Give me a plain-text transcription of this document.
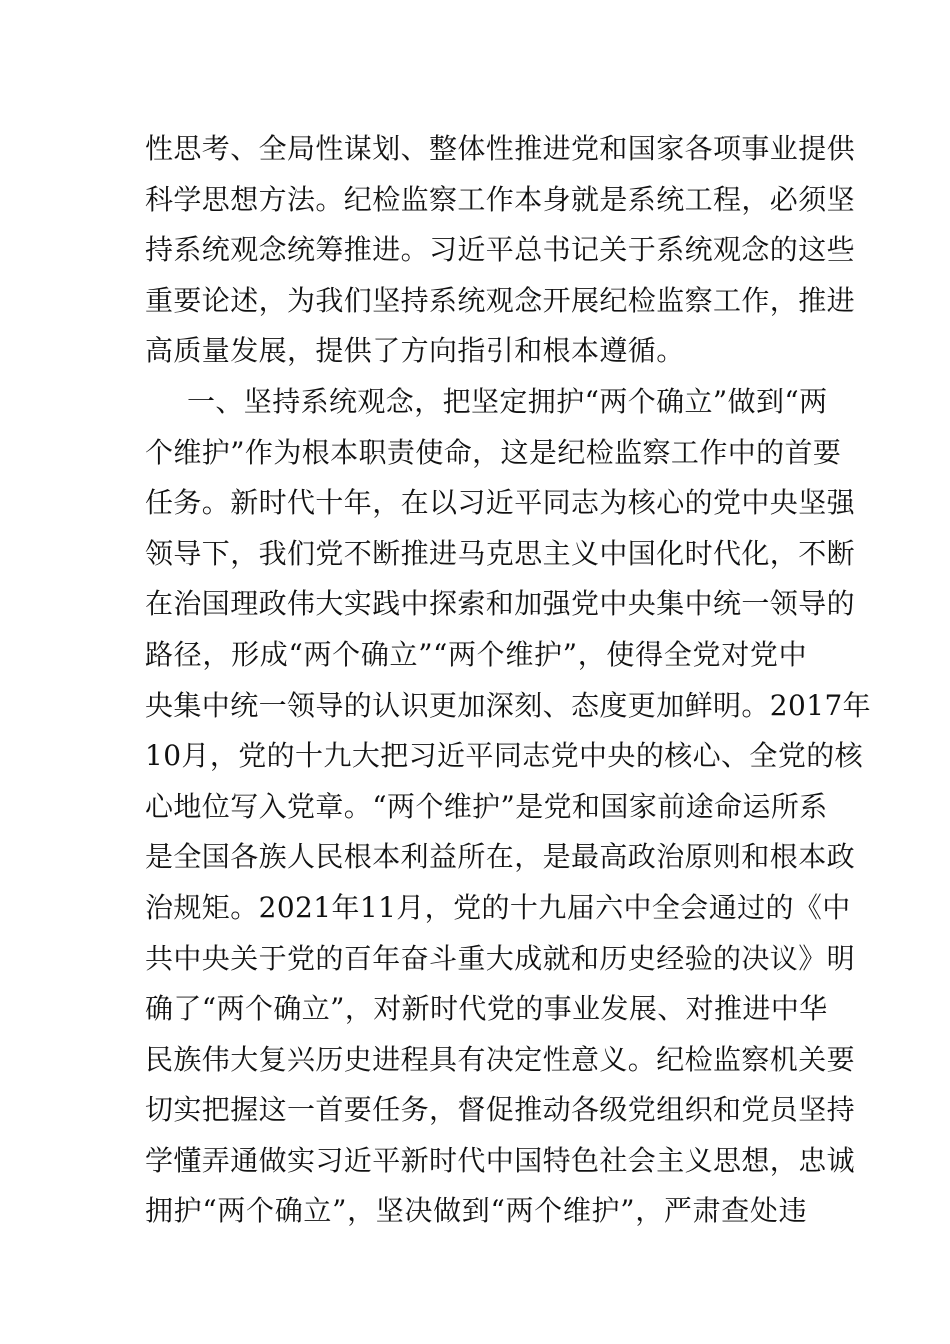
性思考、全局性谋划、整体性推进党和国家各项事业提供
科学思想方法。纪检监察工作本身就是系统工程，必须坚
持系统观念统筹推进。习近平总书记关于系统观念的这些
重要论述，为我们坚持系统观念开展纪检监察工作，推进
高质量发展，提供了方向指引和根本遵循。
一、坚持系统观念，把坚定拥护“两个确立”做到“两
个维护”作为根本职责使命，这是纪检监察工作中的首要
任务。新时代十年，在以习近平同志为核心的党中央坚强
领导下，我们党不断推进马克思主义中国化时代化，不断
在治国理政伟大实践中探索和加强党中央集中统一领导的
路径，形成“两个确立”“两个维护”，使得全党对党中
央集中统一领导的认识更加深刻、态度更加鲜明。2017年
10月，党的十九大把习近平同志党中央的核心、全党的核
心地位写入党章。“两个维护”是党和国家前途命运所系
是全国各族人民根本利益所在，是最高政治原则和根本政
治规矩。2021年11月，党的十九届六中全会通过的《中
共中央关于党的百年奋斗重大成就和历史经验的决议》明
确了“两个确立”，对新时代党的事业发展、对推进中华
民族伟大复兴历史进程具有决定性意义。纪检监察机关要
切实把握这一首要任务，督促推动各级党组织和党员坚持
学懂弄通做实习近平新时代中国特色社会主义思想，忠诚
拥护“两个确立”，坚决做到“两个维护”，严肃查处违
